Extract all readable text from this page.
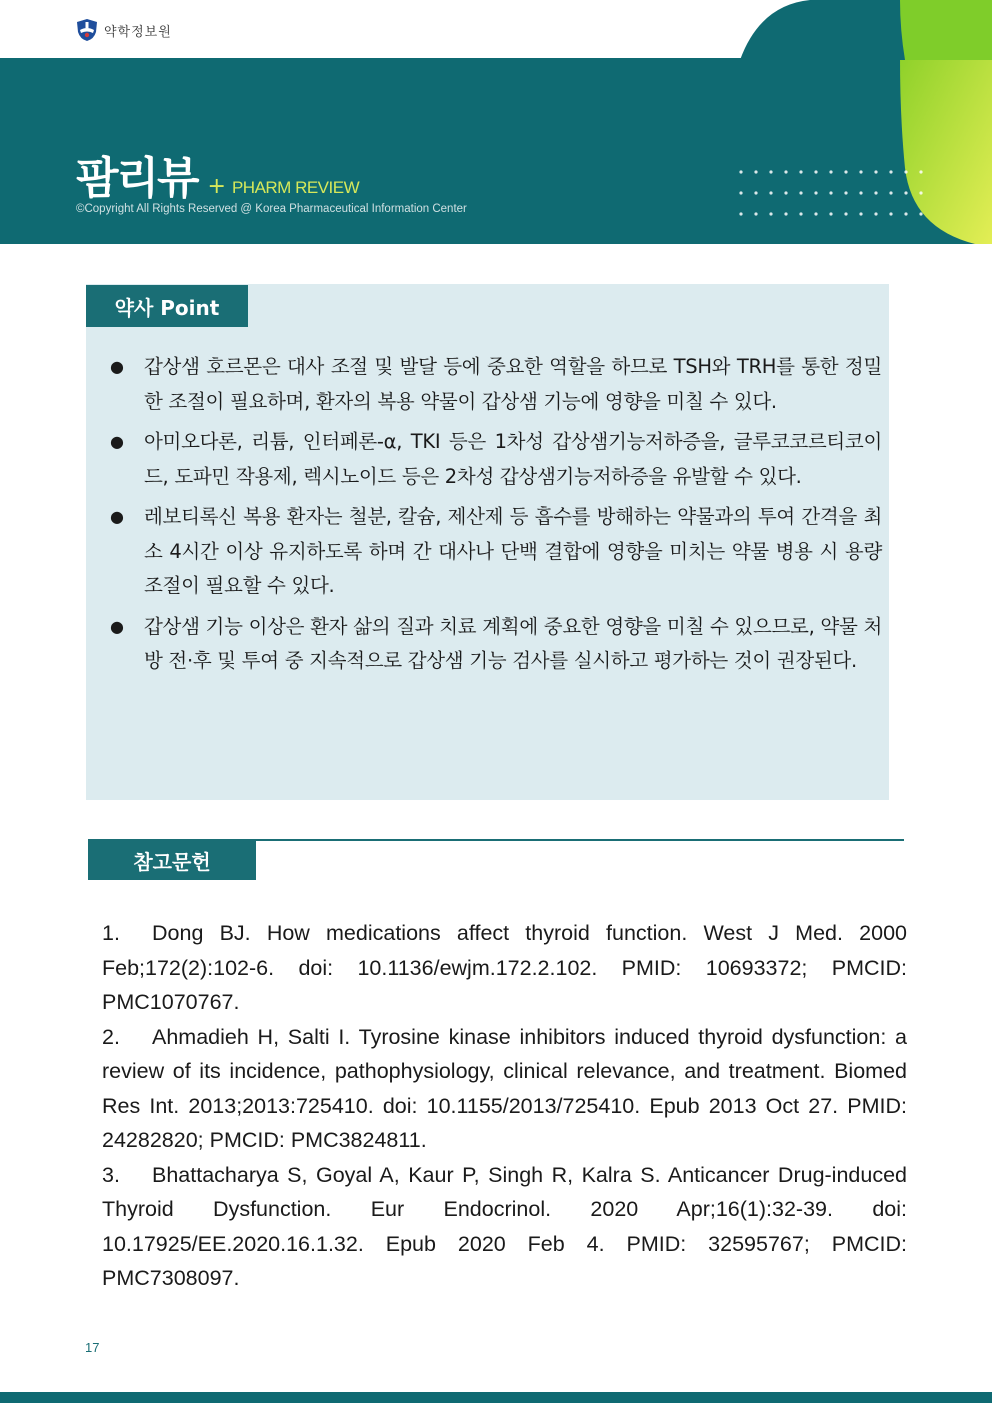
약학정보원
팜리뷰 + PHARM REVIEW
©Copyright All Rights Reserved @ Korea Pharmaceutical Information Center
약사 Point
● 갑상샘 호르몬은 대사 조절 및 발달 등에 중요한 역할을 하므로 TSH와 TRH를 통한 정밀한 조절이 필요하며, 환자의 복용 약물이 갑상샘 기능에 영향을 미칠 수 있다.
● 아미오다론, 리튬, 인터페론-α, TKI 등은 1차성 갑상샘기능저하증을, 글루코코르티코이드, 도파민 작용제, 렉시노이드 등은 2차성 갑상샘기능저하증을 유발할 수 있다.
● 레보티록신 복용 환자는 철분, 칼슘, 제산제 등 흡수를 방해하는 약물과의 투여 간격을 최소 4시간 이상 유지하도록 하며 간 대사나 단백 결합에 영향을 미치는 약물 병용 시 용량 조절이 필요할 수 있다.
● 갑상샘 기능 이상은 환자 삶의 질과 치료 계획에 중요한 영향을 미칠 수 있으므로, 약물 처방 전·후 및 투여 중 지속적으로 갑상샘 기능 검사를 실시하고 평가하는 것이 권장된다.
참고문헌
1. Dong BJ. How medications affect thyroid function. West J Med. 2000 Feb;172(2):102-6. doi: 10.1136/ewjm.172.2.102. PMID: 10693372; PMCID: PMC1070767.
2. Ahmadieh H, Salti I. Tyrosine kinase inhibitors induced thyroid dysfunction: a review of its incidence, pathophysiology, clinical relevance, and treatment. Biomed Res Int. 2013;2013:725410. doi: 10.1155/2013/725410. Epub 2013 Oct 27. PMID: 24282820; PMCID: PMC3824811.
3. Bhattacharya S, Goyal A, Kaur P, Singh R, Kalra S. Anticancer Drug-induced Thyroid Dysfunction. Eur Endocrinol. 2020 Apr;16(1):32-39. doi: 10.17925/EE.2020.16.1.32. Epub 2020 Feb 4. PMID: 32595767; PMCID: PMC7308097.
17
